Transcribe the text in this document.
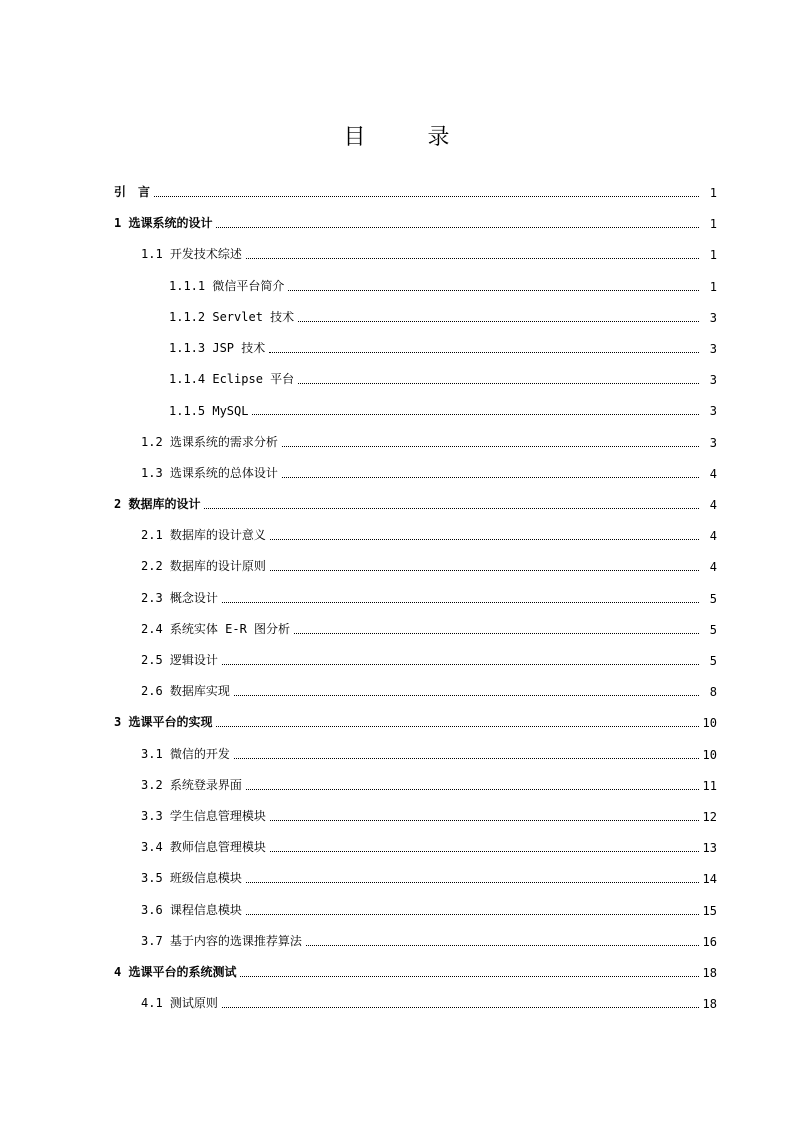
目　录
引　言	1
1 选课系统的设计	1
1.1 开发技术综述	1
1.1.1 微信平台简介	1
1.1.2 Servlet 技术	3
1.1.3 JSP 技术	3
1.1.4 Eclipse 平台	3
1.1.5 MySQL	3
1.2 选课系统的需求分析	3
1.3 选课系统的总体设计	4
2 数据库的设计	4
2.1 数据库的设计意义	4
2.2 数据库的设计原则	4
2.3 概念设计	5
2.4 系统实体 E-R 图分析	5
2.5 逻辑设计	5
2.6 数据库实现	8
3 选课平台的实现	10
3.1 微信的开发	10
3.2 系统登录界面	11
3.3 学生信息管理模块	12
3.4 教师信息管理模块	13
3.5 班级信息模块	14
3.6 课程信息模块	15
3.7 基于内容的选课推荐算法	16
4 选课平台的系统测试	18
4.1 测试原则	18
